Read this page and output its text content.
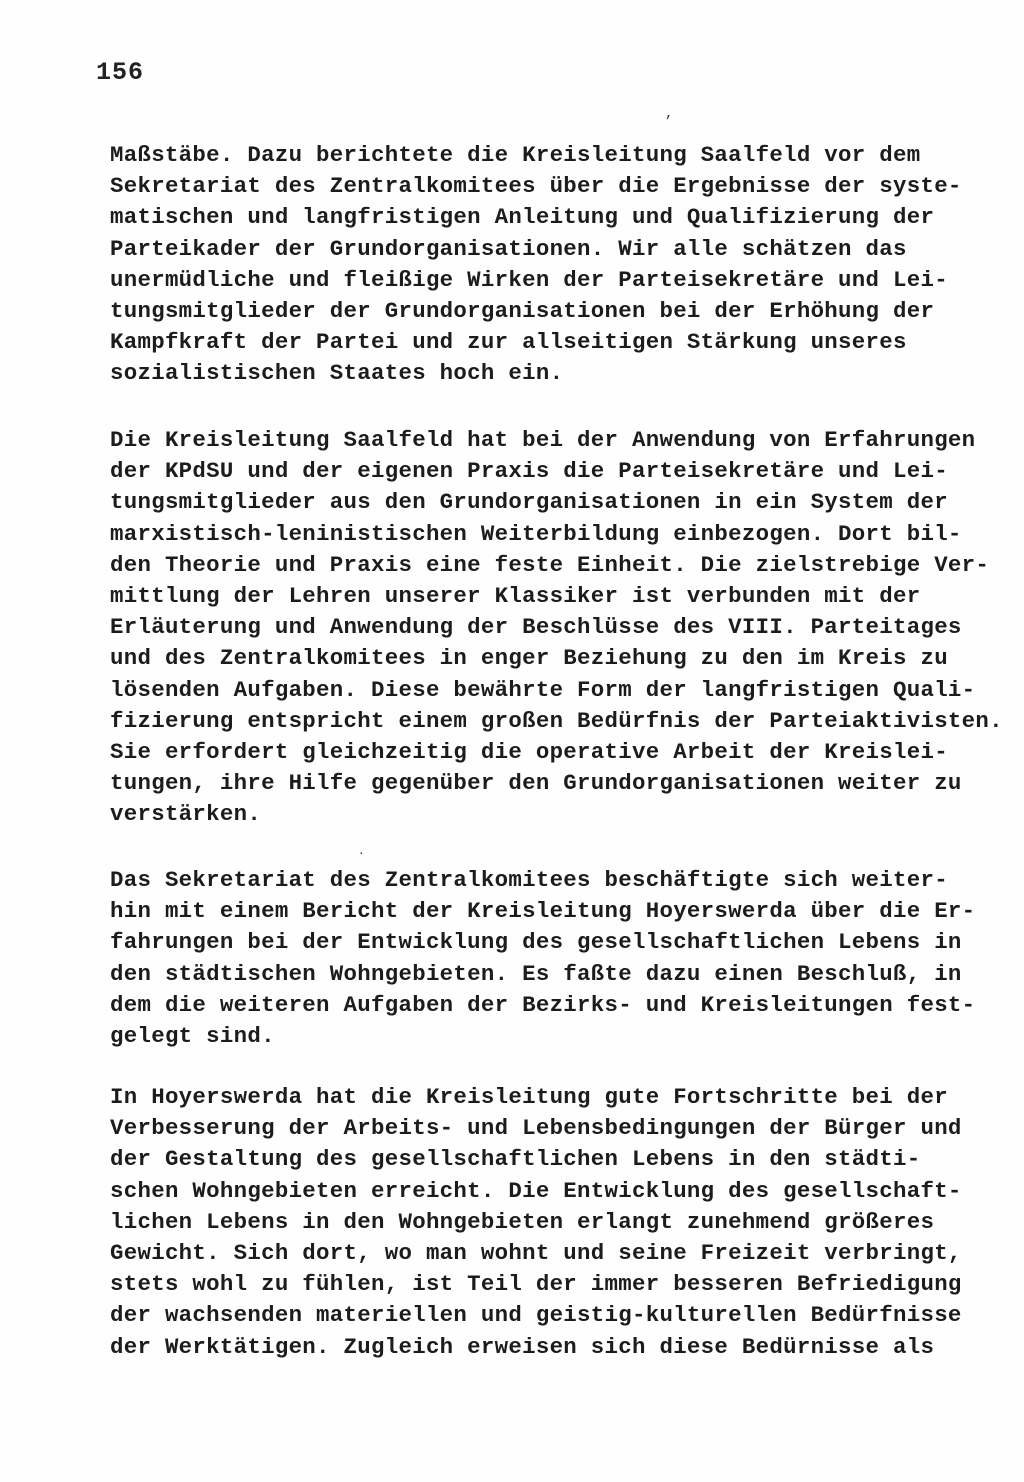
156
’
․
Maßstäbe. Dazu berichtete die Kreisleitung Saalfeld vor dem
Sekretariat des Zentralkomitees über die Ergebnisse der syste-
matischen und langfristigen Anleitung und Qualifizierung der
Parteikader der Grundorganisationen. Wir alle schätzen das
unermüdliche und fleißige Wirken der Parteisekretäre und Lei-
tungsmitglieder der Grundorganisationen bei der Erhöhung der
Kampfkraft der Partei und zur allseitigen Stärkung unseres
sozialistischen Staates hoch ein.
Die Kreisleitung Saalfeld hat bei der Anwendung von Erfahrungen
der KPdSU und der eigenen Praxis die Parteisekretäre und Lei-
tungsmitglieder aus den Grundorganisationen in ein System der
marxistisch-leninistischen Weiterbildung einbezogen. Dort bil-
den Theorie und Praxis eine feste Einheit. Die zielstrebige Ver-
mittlung der Lehren unserer Klassiker ist verbunden mit der
Erläuterung und Anwendung der Beschlüsse des VIII. Parteitages
und des Zentralkomitees in enger Beziehung zu den im Kreis zu
lösenden Aufgaben. Diese bewährte Form der langfristigen Quali-
fizierung entspricht einem großen Bedürfnis der Parteiaktivisten.
Sie erfordert gleichzeitig die operative Arbeit der Kreislei-
tungen, ihre Hilfe gegenüber den Grundorganisationen weiter zu
verstärken.
Das Sekretariat des Zentralkomitees beschäftigte sich weiter-
hin mit einem Bericht der Kreisleitung Hoyerswerda über die Er-
fahrungen bei der Entwicklung des gesellschaftlichen Lebens in
den städtischen Wohngebieten. Es faßte dazu einen Beschluß, in
dem die weiteren Aufgaben der Bezirks- und Kreisleitungen fest-
gelegt sind.
In Hoyerswerda hat die Kreisleitung gute Fortschritte bei der
Verbesserung der Arbeits- und Lebensbedingungen der Bürger und
der Gestaltung des gesellschaftlichen Lebens in den städti-
schen Wohngebieten erreicht. Die Entwicklung des gesellschaft-
lichen Lebens in den Wohngebieten erlangt zunehmend größeres
Gewicht. Sich dort, wo man wohnt und seine Freizeit verbringt,
stets wohl zu fühlen, ist Teil der immer besseren Befriedigung
der wachsenden materiellen und geistig-kulturellen Bedürfnisse
der Werktätigen. Zugleich erweisen sich diese Bedürnisse als
